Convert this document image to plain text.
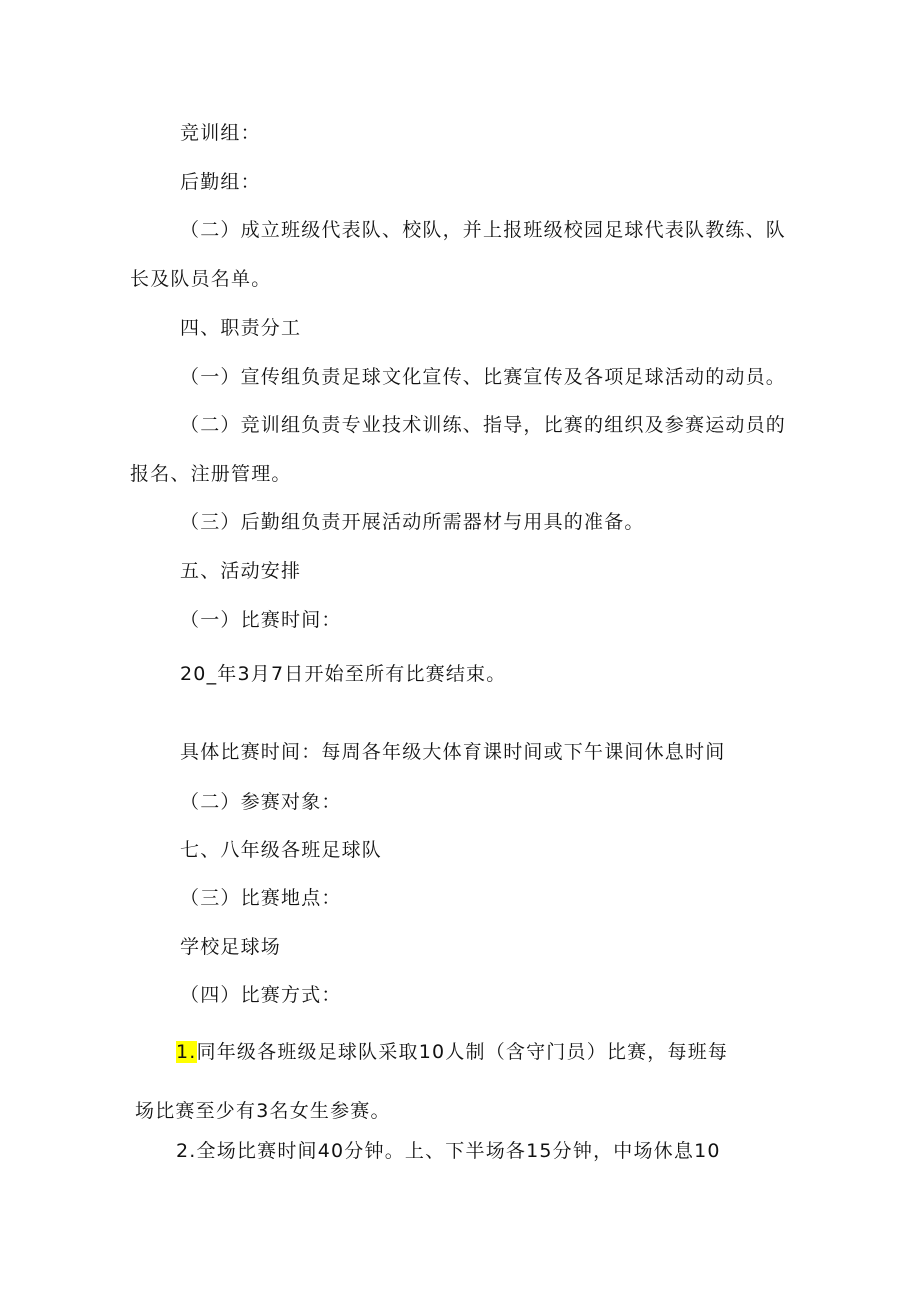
竞训组：
后勤组：
（二）成立班级代表队、校队，并上报班级校园足球代表队教练、队
长及队员名单。
四、职责分工
（一）宣传组负责足球文化宣传、比赛宣传及各项足球活动的动员。
（二）竞训组负责专业技术训练、指导，比赛的组织及参赛运动员的
报名、注册管理。
（三）后勤组负责开展活动所需器材与用具的准备。
五、活动安排
（一）比赛时间：
20_年3月7日开始至所有比赛结束。
具体比赛时间：每周各年级大体育课时间或下午课间休息时间
（二）参赛对象：
七、八年级各班足球队
（三）比赛地点：
学校足球场
（四）比赛方式：
1.同年级各班级足球队采取10人制（含守门员）比赛，每班每
场比赛至少有3名女生参赛。
2.全场比赛时间40分钟。上、下半场各15分钟，中场休息10
